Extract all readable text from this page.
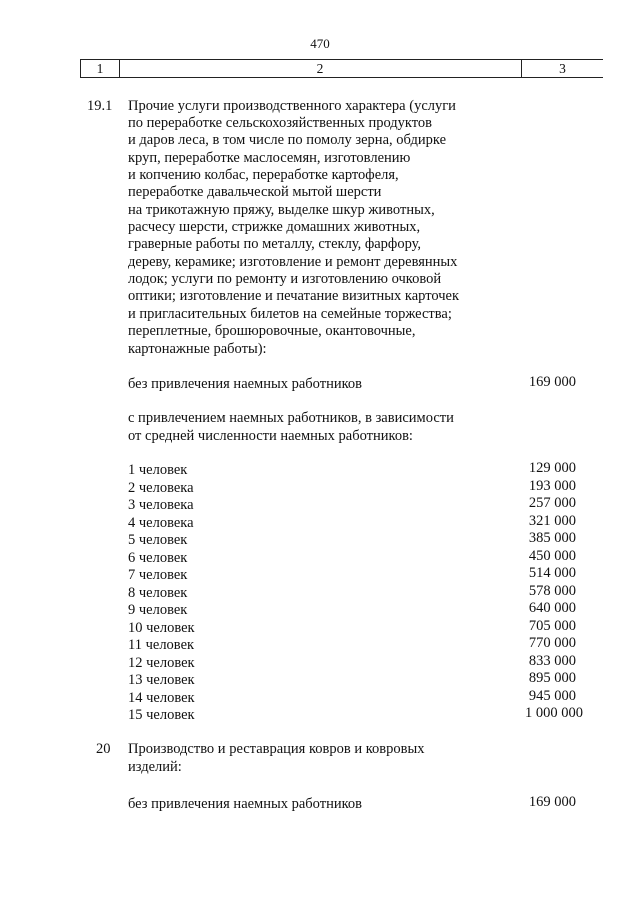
470
1	2	3
19.1 Прочие услуги производственного характера (услуги
по переработке сельскохозяйственных продуктов
и даров леса, в том числе по помолу зерна, обдирке
круп, переработке маслосемян, изготовлению
и копчению колбас, переработке картофеля,
переработке давальческой мытой шерсти
на трикотажную пряжу, выделке шкур животных,
расчесу шерсти, стрижке домашних животных,
граверные работы по металлу, стеклу, фарфору,
дереву, керамике; изготовление и ремонт деревянных
лодок; услуги по ремонту и изготовлению очковой
оптики; изготовление и печатание визитных карточек
и пригласительных билетов на семейные торжества;
переплетные, брошюровочные, окантовочные,
картонажные работы):
без привлечения наемных работников	169 000
с привлечением наемных работников, в зависимости
от средней численности наемных работников:
1 человек	129 000
2 человека	193 000
3 человека	257 000
4 человека	321 000
5 человек	385 000
6 человек	450 000
7 человек	514 000
8 человек	578 000
9 человек	640 000
10 человек	705 000
11 человек	770 000
12 человек	833 000
13 человек	895 000
14 человек	945 000
15 человек	1 000 000
20 Производство и реставрация ковров и ковровых
изделий:
без привлечения наемных работников	169 000
